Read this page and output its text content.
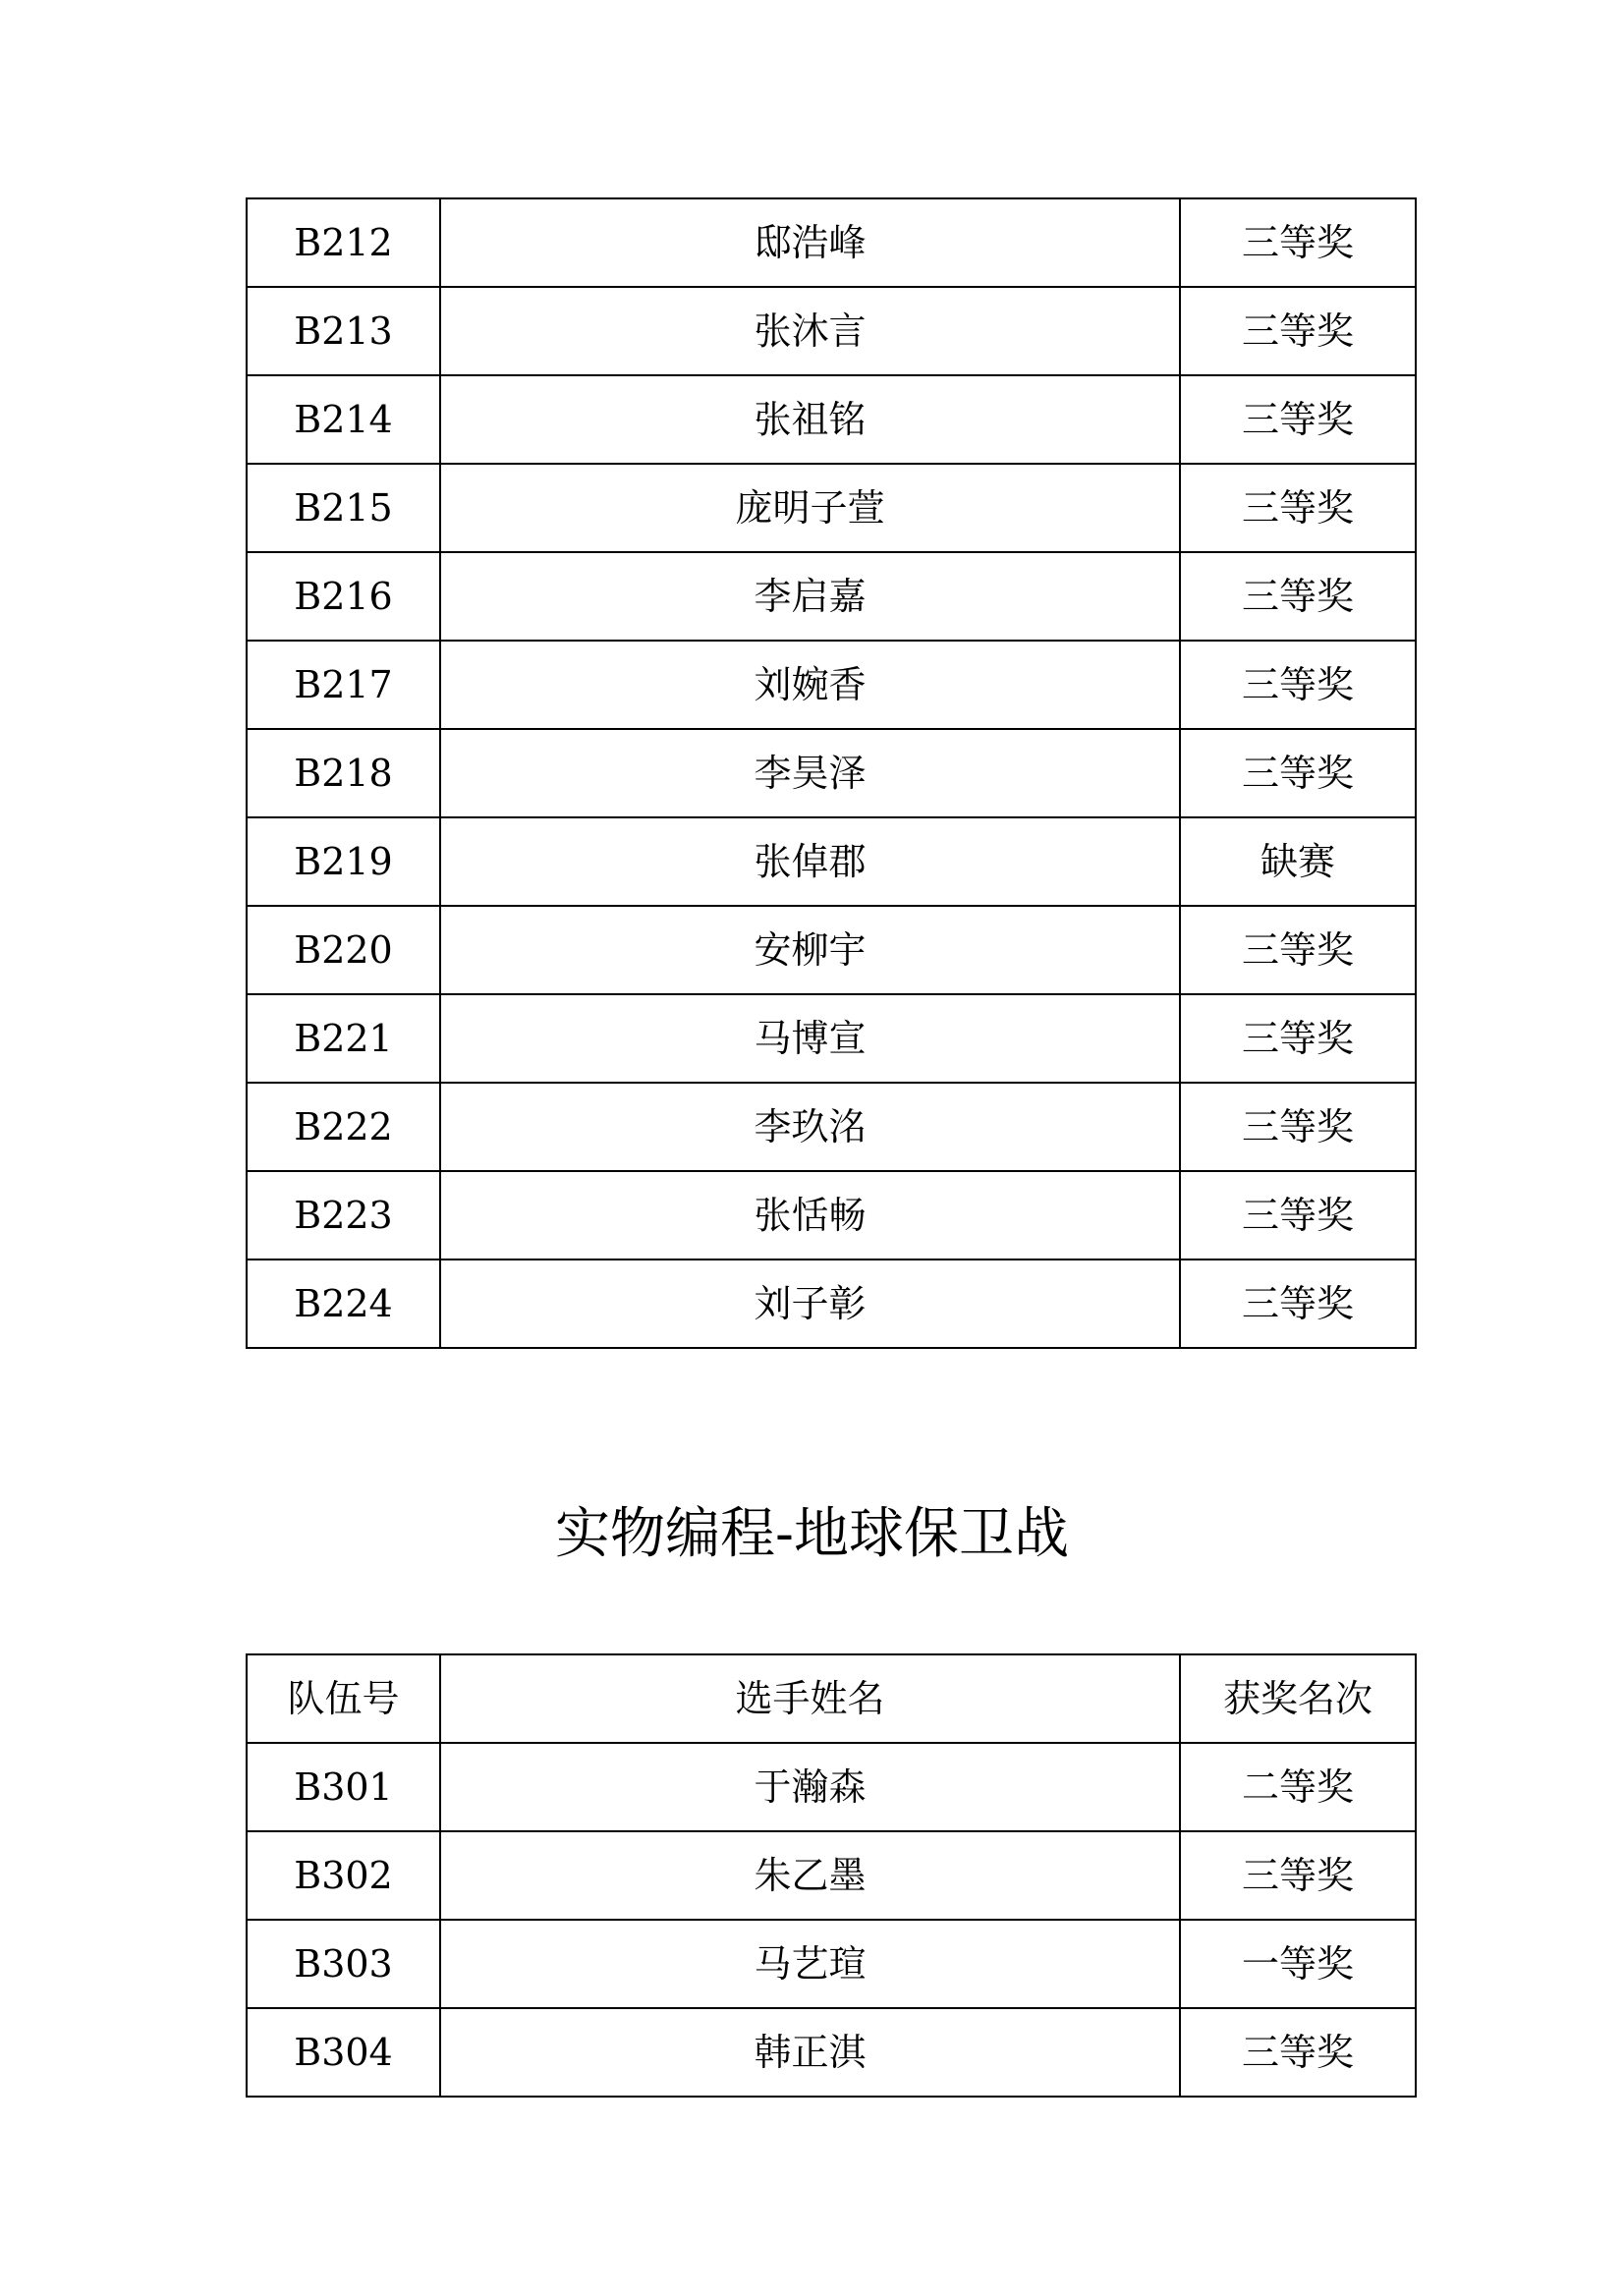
B212	邸浩峰	三等奖
B213	张沐言	三等奖
B214	张祖铭	三等奖
B215	庞明子萱	三等奖
B216	李启嘉	三等奖
B217	刘婉香	三等奖
B218	李昊泽	三等奖
B219	张倬郡	缺赛
B220	安柳宇	三等奖
B221	马博宣	三等奖
B222	李玖洺	三等奖
B223	张恬畅	三等奖
B224	刘子彰	三等奖
实物编程-地球保卫战
队伍号	选手姓名	获奖名次
B301	于瀚森	二等奖
B302	朱乙墨	三等奖
B303	马艺瑄	一等奖
B304	韩正淇	三等奖
